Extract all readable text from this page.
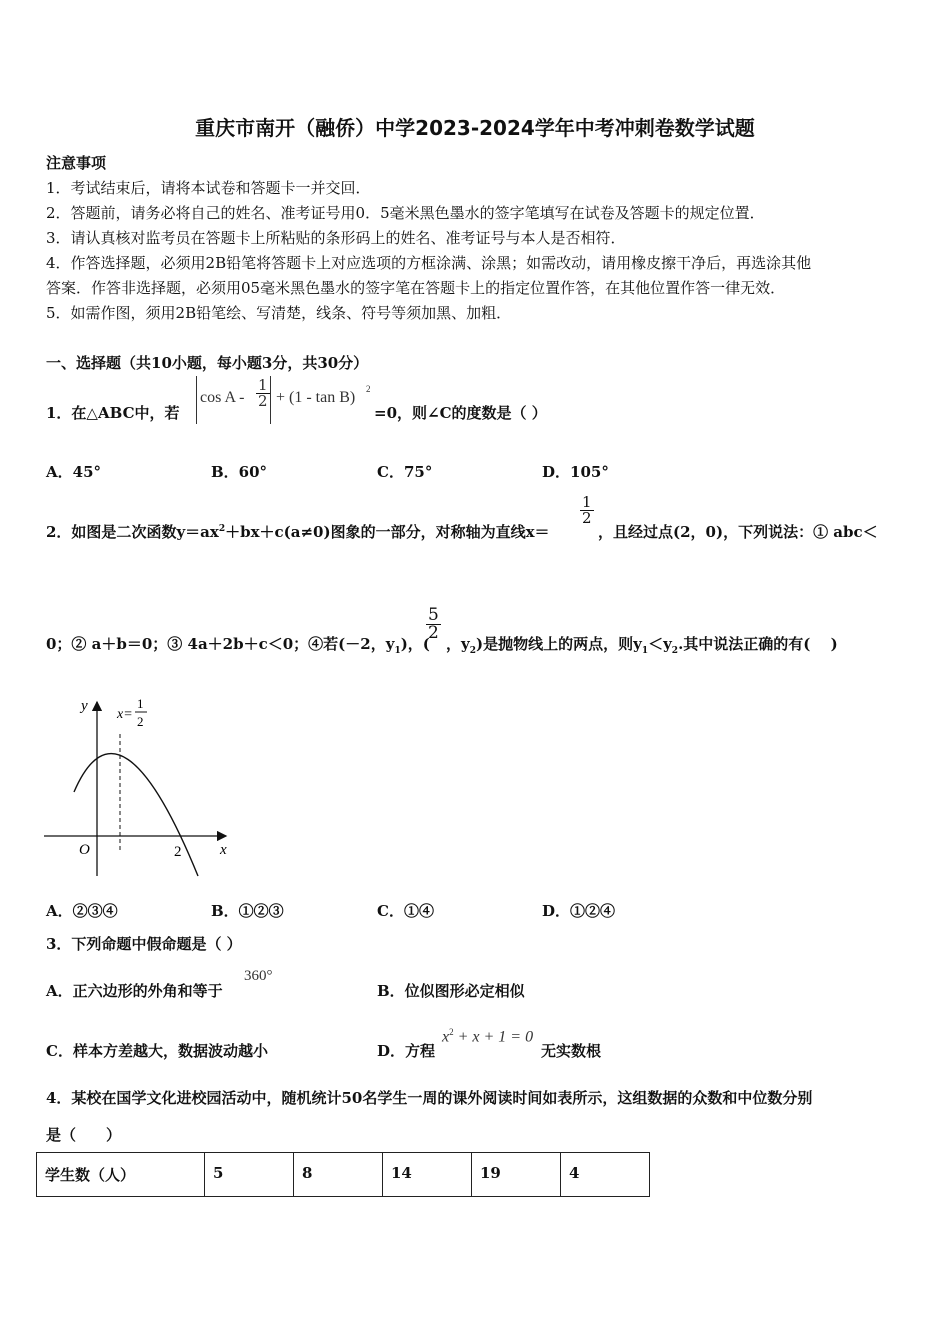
重庆市南开（融侨）中学2023-2024学年中考冲刺卷数学试题
注意事项
1．考试结束后，请将本试卷和答题卡一并交回．
2．答题前，请务必将自己的姓名、准考证号用0．5毫米黑色墨水的签字笔填写在试卷及答题卡的规定位置．
3．请认真核对监考员在答题卡上所粘贴的条形码上的姓名、准考证号与本人是否相符．
4．作答选择题，必须用2B铅笔将答题卡上对应选项的方框涂满、涂黑；如需改动，请用橡皮擦干净后，再选涂其他
答案．作答非选择题，必须用05毫米黑色墨水的签字笔在答题卡上的指定位置作答，在其他位置作答一律无效．
5．如需作图，须用2B铅笔绘、写清楚，线条、符号等须加黑、加粗．
一、选择题（共10小题，每小题3分，共30分）
1．在△ABC中，若
$\cos A - \frac{1}{2} + (1 - \tan B)$ 2
=0，则∠C的度数是（ ）
A．45°	B．60°	C．75°	D．105°
2．如图是二次函数$y=ax^2+bx+c(a\ne 0)$图象的一部分，对称轴为直线x＝
$\frac{1}{2}$
，且经过点(2，0)，下列说法：① abc＜
0；② a＋b＝0；③ 4a＋2b＋c＜0；④若(－2，$y_1$)，(
$\frac{5}{2}$
，$y_2$)是抛物线上的两点，则$y_1<y_2$.其中说法正确的有(　 )
y
x
O	2
x=
1
2
A．②③④	B．①②③	C．①④	D．①②④
3．下列命题中假命题是（ ）
A．正六边形的外角和等于
360°
B．位似图形必定相似
C．样本方差越大，数据波动越小	D．方程
$x^2 + x + 1 = 0$
无实数根
4．某校在国学文化进校园活动中，随机统计50名学生一周的课外阅读时间如表所示，这组数据的众数和中位数分别
是（　　）
学生数（人）	5	8	14	19	4
